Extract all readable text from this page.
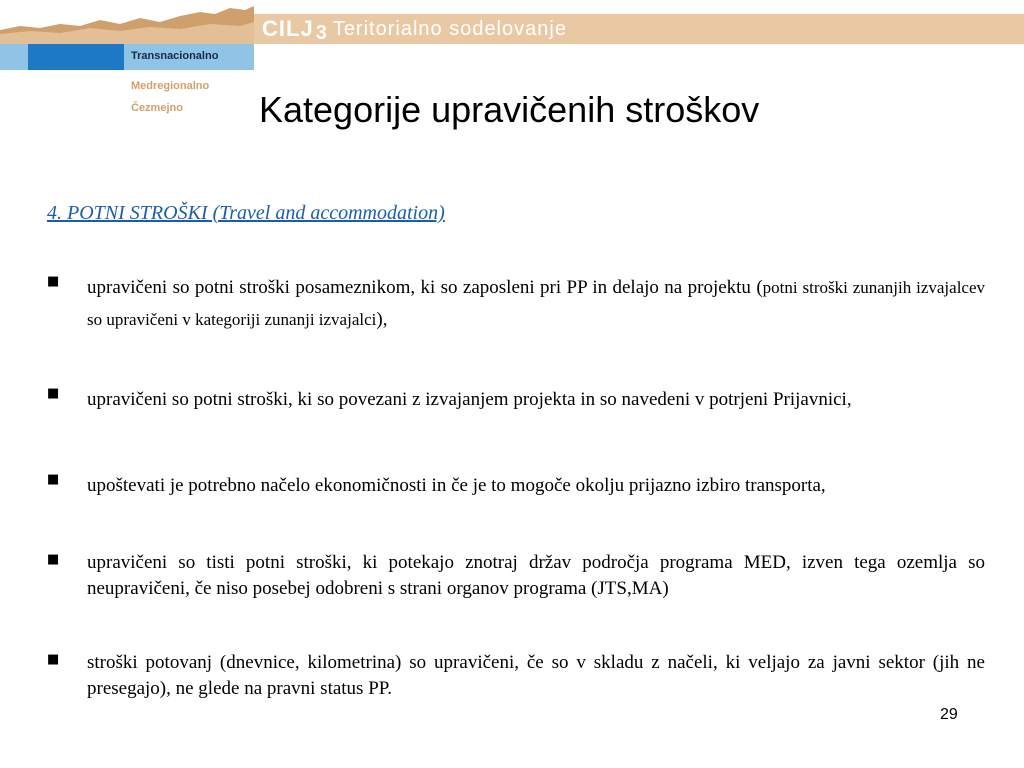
CILJ 3 Teritorialno sodelovanje
Transnacionalno
Medregionalno
Čezmejno Kategorije upravičenih stroškov
4. POTNI STROŠKI (Travel and accommodation)
■ upravičeni so potni stroški posameznikom, ki so zaposleni pri PP in delajo na projektu (potni stroški zunanjih izvajalcev so upravičeni v kategoriji zunanji izvajalci),
■ upravičeni so potni stroški, ki so povezani z izvajanjem projekta in so navedeni v potrjeni Prijavnici,
■ upoštevati je potrebno načelo ekonomičnosti in če je to mogoče okolju prijazno izbiro transporta,
■ upravičeni so tisti potni stroški, ki potekajo znotraj držav področja programa MED, izven tega ozemlja so neupravičeni, če niso posebej odobreni s strani organov programa (JTS,MA)
■ stroški potovanj (dnevnice, kilometrina) so upravičeni, če so v skladu z načeli, ki veljajo za javni sektor (jih ne presegajo), ne glede na pravni status PP.
29
